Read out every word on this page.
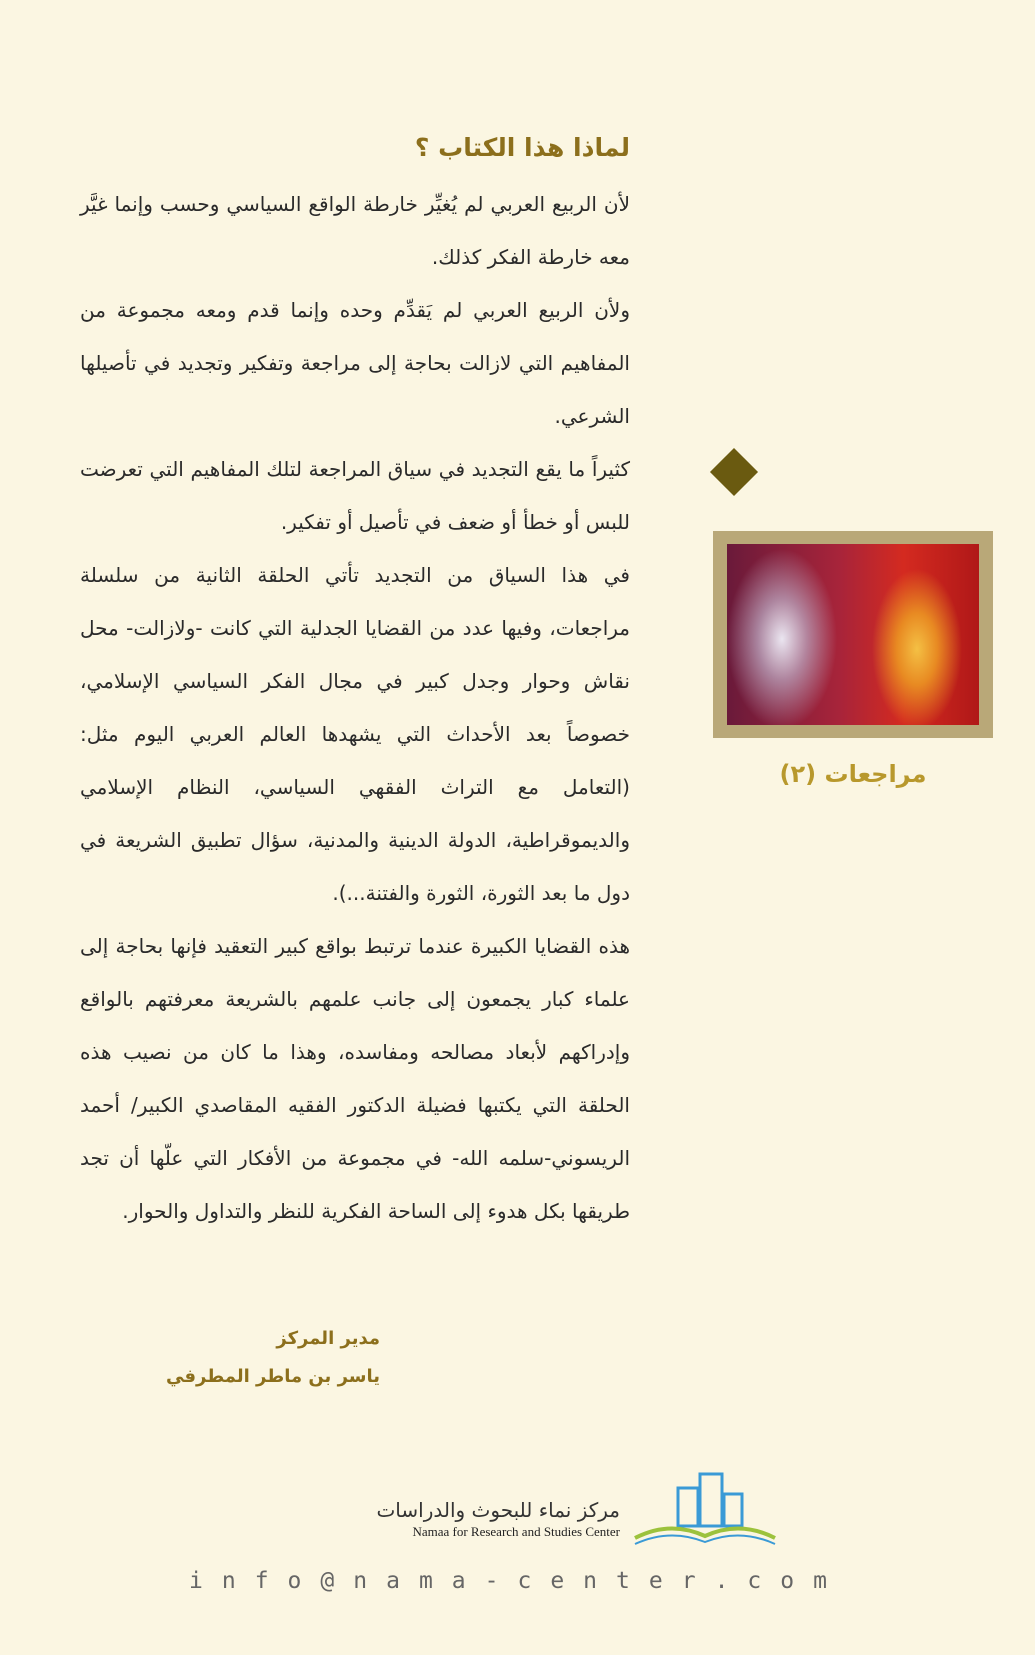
لماذا هذا الكتاب ؟

لأن الربيع العربي لم يُغيِّر خارطة الواقع السياسي وحسب وإنما غيَّر معه خارطة الفكر كذلك.

ولأن الربيع العربي لم يَقدِّم وحده وإنما قدم ومعه مجموعة من المفاهيم التي لازالت بحاجة إلى مراجعة وتفكير وتجديد في تأصيلها الشرعي.

كثيراً ما يقع التجديد في سياق المراجعة لتلك المفاهيم التي تعرضت للبس أو خطأ أو ضعف في تأصيل أو تفكير.

في هذا السياق من التجديد تأتي الحلقة الثانية من سلسلة مراجعات، وفيها عدد من القضايا الجدلية التي كانت -ولازالت- محل نقاش وحوار وجدل كبير في مجال الفكر السياسي الإسلامي، خصوصاً بعد الأحداث التي يشهدها العالم العربي اليوم مثل: (التعامل مع التراث الفقهي السياسي، النظام الإسلامي والديموقراطية، الدولة الدينية والمدنية، سؤال تطبيق الشريعة في دول ما بعد الثورة، الثورة والفتنة...).

هذه القضايا الكبيرة عندما ترتبط بواقع كبير التعقيد فإنها بحاجة إلى علماء كبار يجمعون إلى جانب علمهم بالشريعة معرفتهم بالواقع وإدراكهم لأبعاد مصالحه ومفاسده، وهذا ما كان من نصيب هذه الحلقة التي يكتبها فضيلة الدكتور الفقيه المقاصدي الكبير/ أحمد الريسوني-سلمه الله- في مجموعة من الأفكار التي علّها أن تجد طريقها بكل هدوء إلى الساحة الفكرية للنظر والتداول والحوار.

مدير المركز
ياسر بن ماطر المطرفي
مراجعات (٢)
مركز نماء للبحوث والدراسات
Namaa for Research and Studies Center
info@nama-center.com
